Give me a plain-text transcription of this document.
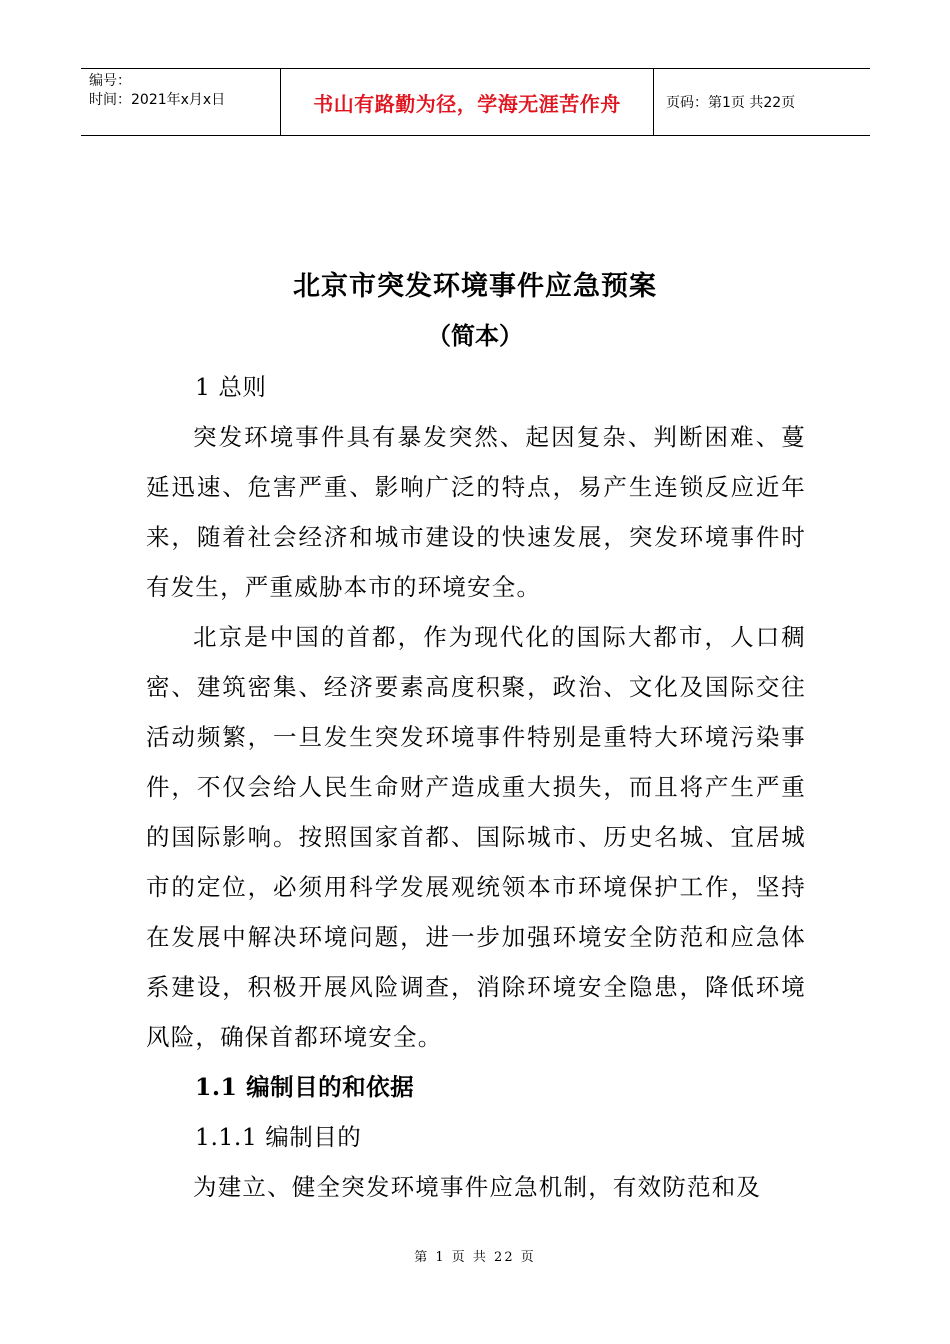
编号：
时间：2021年x月x日	书山有路勤为径，学海无涯苦作舟	页码：第1页 共22页
北京市突发环境事件应急预案
（简本）
1 总则

突发环境事件具有暴发突然、起因复杂、判断困难、蔓延迅速、危害严重、影响广泛的特点，易产生连锁反应近年来，随着社会经济和城市建设的快速发展，突发环境事件时有发生，严重威胁本市的环境安全。

北京是中国的首都，作为现代化的国际大都市，人口稠密、建筑密集、经济要素高度积聚，政治、文化及国际交往活动频繁，一旦发生突发环境事件特别是重特大环境污染事件，不仅会给人民生命财产造成重大损失，而且将产生严重的国际影响。按照国家首都、国际城市、历史名城、宜居城市的定位，必须用科学发展观统领本市环境保护工作，坚持在发展中解决环境问题，进一步加强环境安全防范和应急体系建设，积极开展风险调查，消除环境安全隐患，降低环境风险，确保首都环境安全。

1.1 编制目的和依据
1.1.1 编制目的

为建立、健全突发环境事件应急机制，有效防范和及

第 1 页 共 22 页
